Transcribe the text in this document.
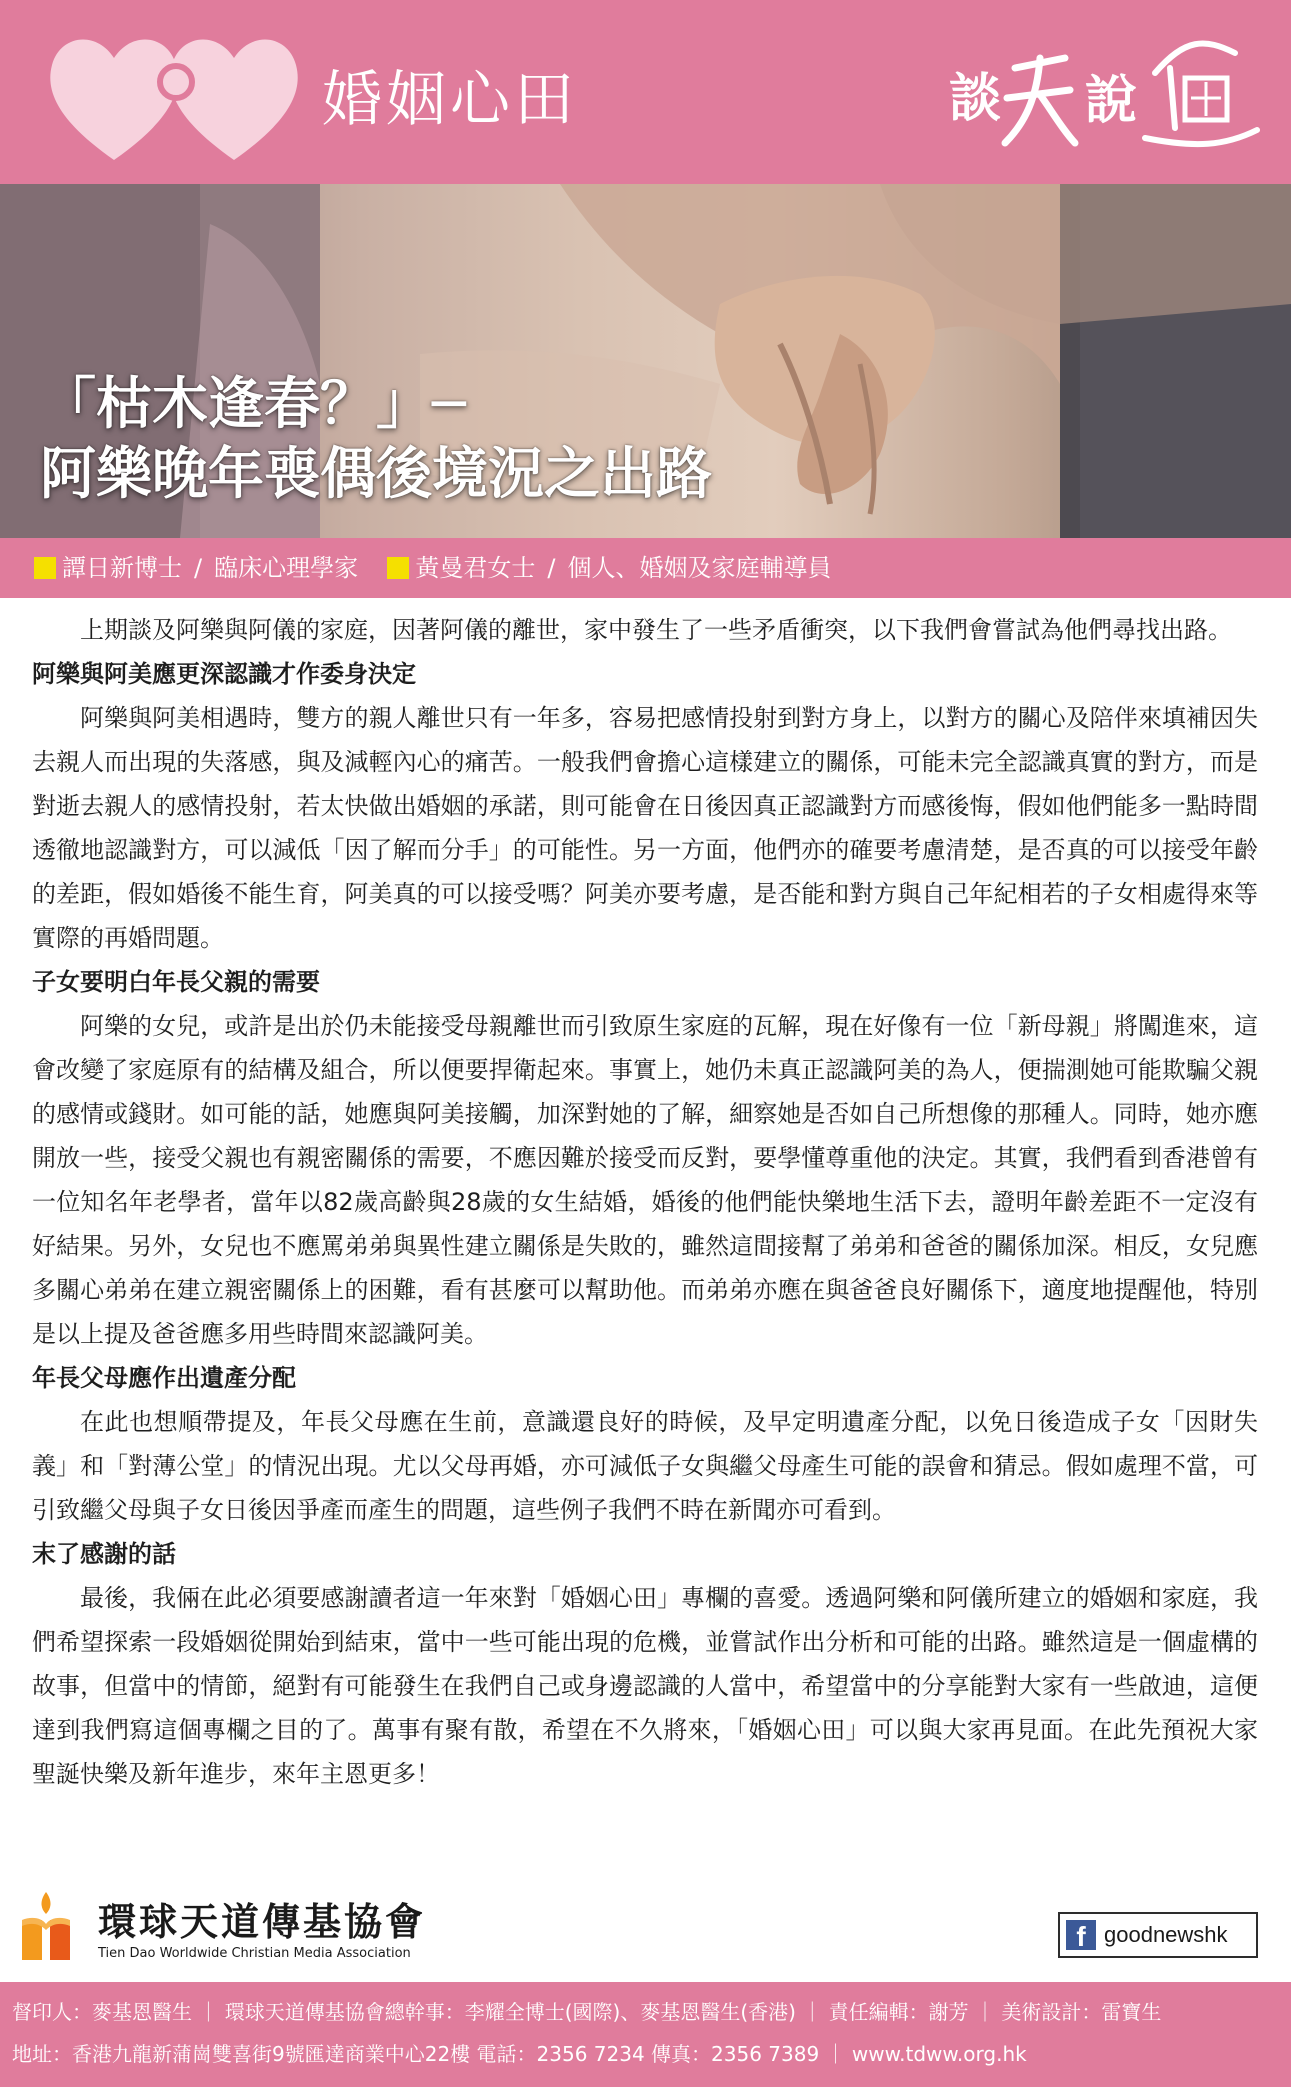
婚姻心田	談 說
「枯木逢春？」─
阿樂晚年喪偶後境況之出路
譚日新博士 / 臨床心理學家 黃曼君女士 / 個人、婚姻及家庭輔導員

上期談及阿樂與阿儀的家庭，因著阿儀的離世，家中發生了一些矛盾衝突，以下我們會嘗試為他們尋找出路。

阿樂與阿美應更深認識才作委身決定

阿樂與阿美相遇時，雙方的親人離世只有一年多，容易把感情投射到對方身上，以對方的關心及陪伴來填補因失去親人而出現的失落感，與及減輕內心的痛苦。一般我們會擔心這樣建立的關係，可能未完全認識真實的對方，而是對逝去親人的感情投射，若太快做出婚姻的承諾，則可能會在日後因真正認識對方而感後悔，假如他們能多一點時間透徹地認識對方，可以減低「因了解而分手」的可能性。另一方面，他們亦的確要考慮清楚，是否真的可以接受年齡的差距，假如婚後不能生育，阿美真的可以接受嗎？阿美亦要考慮，是否能和對方與自己年紀相若的子女相處得來等實際的再婚問題。

子女要明白年長父親的需要

阿樂的女兒，或許是出於仍未能接受母親離世而引致原生家庭的瓦解，現在好像有一位「新母親」將闖進來，這會改變了家庭原有的結構及組合，所以便要捍衛起來。事實上，她仍未真正認識阿美的為人，便揣測她可能欺騙父親的感情或錢財。如可能的話，她應與阿美接觸，加深對她的了解，細察她是否如自己所想像的那種人。同時，她亦應開放一些，接受父親也有親密關係的需要，不應因難於接受而反對，要學懂尊重他的決定。其實，我們看到香港曾有一位知名年老學者，當年以82歲高齡與28歲的女生結婚，婚後的他們能快樂地生活下去，證明年齡差距不一定沒有好結果。另外，女兒也不應罵弟弟與異性建立關係是失敗的，雖然這間接幫了弟弟和爸爸的關係加深。相反，女兒應多關心弟弟在建立親密關係上的困難，看有甚麼可以幫助他。而弟弟亦應在與爸爸良好關係下，適度地提醒他，特別是以上提及爸爸應多用些時間來認識阿美。

年長父母應作出遺產分配

在此也想順帶提及，年長父母應在生前，意識還良好的時候，及早定明遺產分配，以免日後造成子女「因財失義」和「對薄公堂」的情況出現。尤以父母再婚，亦可減低子女與繼父母產生可能的誤會和猜忌。假如處理不當，可引致繼父母與子女日後因爭產而產生的問題，這些例子我們不時在新聞亦可看到。

末了感謝的話

最後，我倆在此必須要感謝讀者這一年來對「婚姻心田」專欄的喜愛。透過阿樂和阿儀所建立的婚姻和家庭，我們希望探索一段婚姻從開始到結束，當中一些可能出現的危機，並嘗試作出分析和可能的出路。雖然這是一個虛構的故事，但當中的情節，絕對有可能發生在我們自己或身邊認識的人當中，希望當中的分享能對大家有一些啟迪，這便達到我們寫這個專欄之目的了。萬事有聚有散，希望在不久將來，「婚姻心田」可以與大家再見面。在此先預祝大家聖誕快樂及新年進步，來年主恩更多！

環球天道傳基協會
Tien Dao Worldwide Christian Media Association
f goodnewshk
督印人：麥基恩醫生 ｜ 環球天道傳基協會總幹事：李耀全博士(國際)、麥基恩醫生(香港) ｜ 責任編輯：謝芳 ｜ 美術設計：雷寶生
地址：香港九龍新蒲崗雙喜街9號匯達商業中心22樓 電話：2356 7234 傳真：2356 7389 ｜ www.tdww.org.hk
